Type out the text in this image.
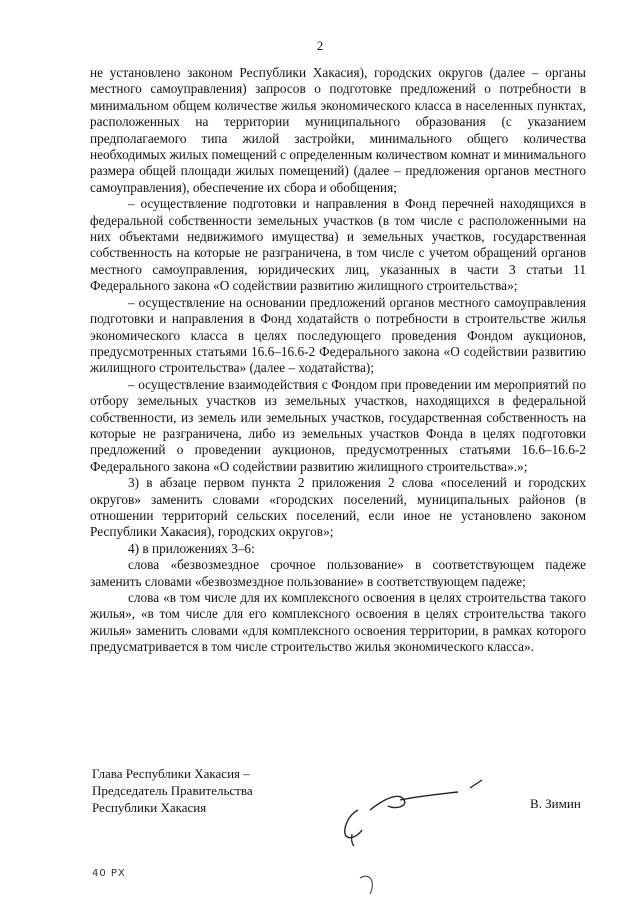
2

не установлено законом Республики Хакасия), городских округов (далее – органы местного самоуправления) запросов о подготовке предложений о потребности в минимальном общем количестве жилья экономического класса в населенных пунктах, расположенных на территории муниципального образования (с указанием предполагаемого типа жилой застройки, минимального общего количества необходимых жилых помещений с определенным количеством комнат и минимального размера общей площади жилых помещений) (далее – предложения органов местного самоуправления), обеспечение их сбора и обобщения;

– осуществление подготовки и направления в Фонд перечней находящихся в федеральной собственности земельных участков (в том числе с расположенными на них объектами недвижимого имущества) и земельных участков, государственная собственность на которые не разграничена, в том числе с учетом обращений органов местного самоуправления, юридических лиц, указанных в части 3 статьи 11 Федерального закона «О содействии развитию жилищного строительства»;

– осуществление на основании предложений органов местного самоуправления подготовки и направления в Фонд ходатайств о потребности в строительстве жилья экономического класса в целях последующего проведения Фондом аукционов, предусмотренных статьями 16.6–16.6-2 Федерального закона «О содействии развитию жилищного строительства» (далее – ходатайства);

– осуществление взаимодействия с Фондом при проведении им мероприятий по отбору земельных участков из земельных участков, находящихся в федеральной собственности, из земель или земельных участков, государственная собственность на которые не разграничена, либо из земельных участков Фонда в целях подготовки предложений о проведении аукционов, предусмотренных статьями 16.6–16.6-2 Федерального закона «О содействии развитию жилищного строительства».»;

3) в абзаце первом пункта 2 приложения 2 слова «поселений и городских округов» заменить словами «городских поселений, муниципальных районов (в отношении территорий сельских поселений, если иное не установлено законом Республики Хакасия), городских округов»;

4) в приложениях 3–6:

слова «безвозмездное срочное пользование» в соответствующем падеже заменить словами «безвозмездное пользование» в соответствующем падеже;

слова «в том числе для их комплексного освоения в целях строительства такого жилья», «в том числе для его комплексного освоения в целях строительства такого жилья» заменить словами «для комплексного освоения территории, в рамках которого предусматривается в том числе строительство жилья экономического класса».

Глава Республики Хакасия –
Председатель Правительства
Республики Хакасия	В. Зимин
40 РХ
